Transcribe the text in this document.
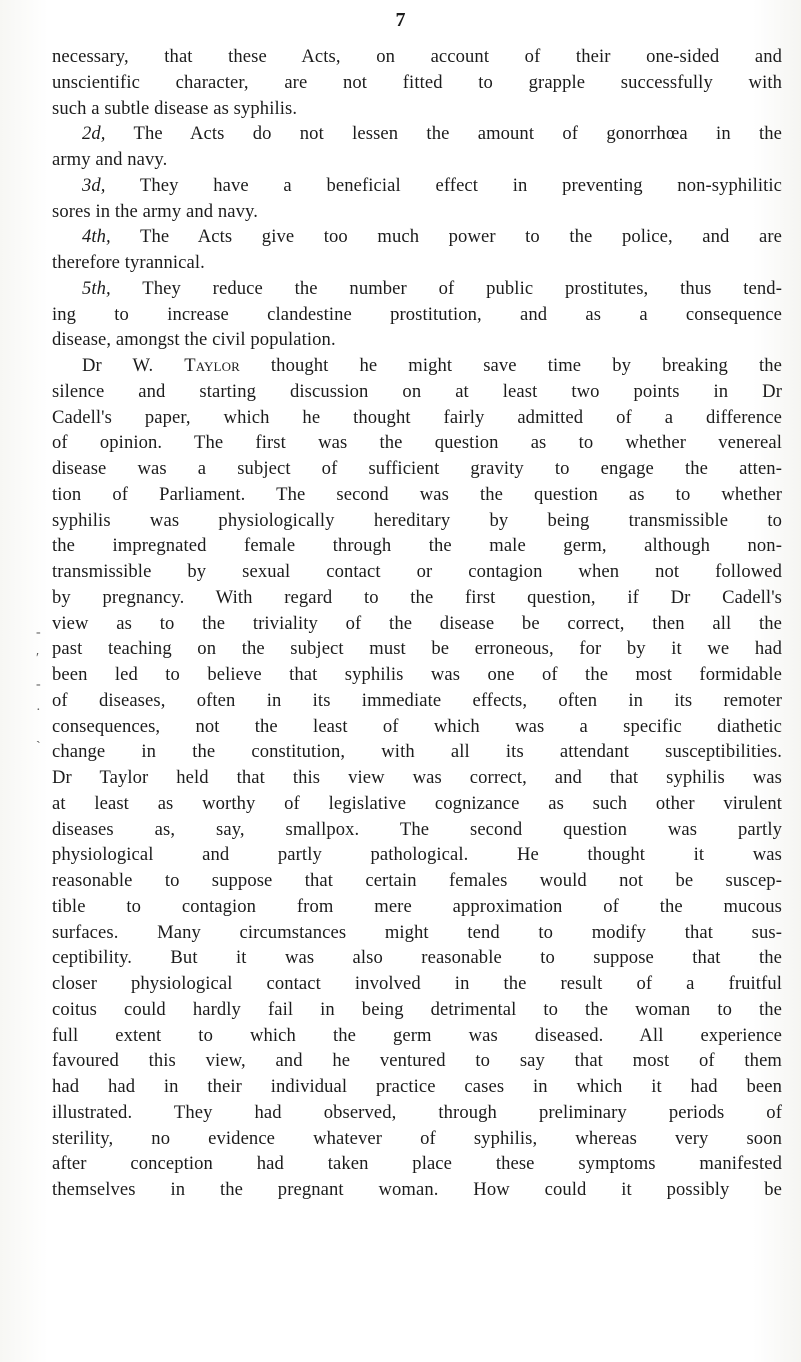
7
-
′
-
·
ˏ
necessary, that these Acts, on account of their one-sided and
unscientific character, are not fitted to grapple successfully with
such a subtle disease as syphilis.
2d, The Acts do not lessen the amount of gonorrhœa in the
army and navy.
3d, They have a beneficial effect in preventing non-syphilitic
sores in the army and navy.
4th, The Acts give too much power to the police, and are
therefore tyrannical.
5th, They reduce the number of public prostitutes, thus tend-
ing to increase clandestine prostitution, and as a consequence
disease, amongst the civil population.
Dr W. Taylor thought he might save time by breaking the
silence and starting discussion on at least two points in Dr
Cadell's paper, which he thought fairly admitted of a difference
of opinion. The first was the question as to whether venereal
disease was a subject of sufficient gravity to engage the atten-
tion of Parliament. The second was the question as to whether
syphilis was physiologically hereditary by being transmissible to
the impregnated female through the male germ, although non-
transmissible by sexual contact or contagion when not followed
by pregnancy. With regard to the first question, if Dr Cadell's
view as to the triviality of the disease be correct, then all the
past teaching on the subject must be erroneous, for by it we had
been led to believe that syphilis was one of the most formidable
of diseases, often in its immediate effects, often in its remoter
consequences, not the least of which was a specific diathetic
change in the constitution, with all its attendant susceptibilities.
Dr Taylor held that this view was correct, and that syphilis was
at least as worthy of legislative cognizance as such other virulent
diseases as, say, smallpox. The second question was partly
physiological and partly pathological. He thought it was
reasonable to suppose that certain females would not be suscep-
tible to contagion from mere approximation of the mucous
surfaces. Many circumstances might tend to modify that sus-
ceptibility. But it was also reasonable to suppose that the
closer physiological contact involved in the result of a fruitful
coitus could hardly fail in being detrimental to the woman to the
full extent to which the germ was diseased. All experience
favoured this view, and he ventured to say that most of them
had had in their individual practice cases in which it had been
illustrated. They had observed, through preliminary periods of
sterility, no evidence whatever of syphilis, whereas very soon
after conception had taken place these symptoms manifested
themselves in the pregnant woman. How could it possibly be
